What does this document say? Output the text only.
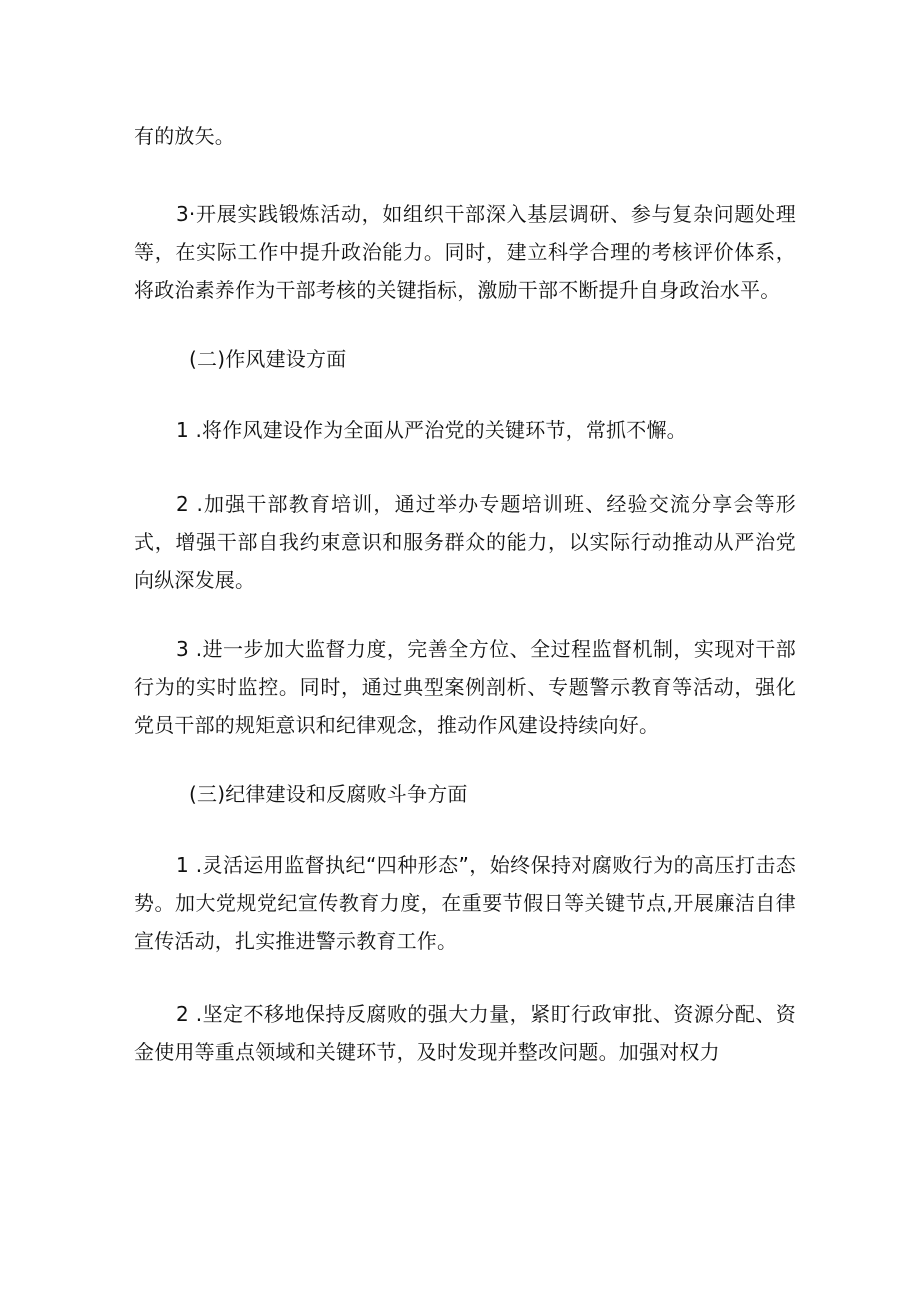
有的放矢。
3·开展实践锻炼活动，如组织干部深入基层调研、参与复杂问题处理等，在实际工作中提升政治能力。同时，建立科学合理的考核评价体系，将政治素养作为干部考核的关键指标，激励干部不断提升自身政治水平。
(二)作风建设方面
1 .将作风建设作为全面从严治党的关键环节，常抓不懈。
2 .加强干部教育培训，通过举办专题培训班、经验交流分享会等形式，增强干部自我约束意识和服务群众的能力，以实际行动推动从严治党向纵深发展。
3 .进一步加大监督力度，完善全方位、全过程监督机制，实现对干部行为的实时监控。同时，通过典型案例剖析、专题警示教育等活动，强化党员干部的规矩意识和纪律观念，推动作风建设持续向好。
(三)纪律建设和反腐败斗争方面
1 .灵活运用监督执纪“四种形态”，始终保持对腐败行为的高压打击态势。加大党规党纪宣传教育力度，在重要节假日等关键节点,开展廉洁自律宣传活动，扎实推进警示教育工作。
2 .坚定不移地保持反腐败的强大力量，紧盯行政审批、资源分配、资金使用等重点领域和关键环节，及时发现并整改问题。加强对权力
